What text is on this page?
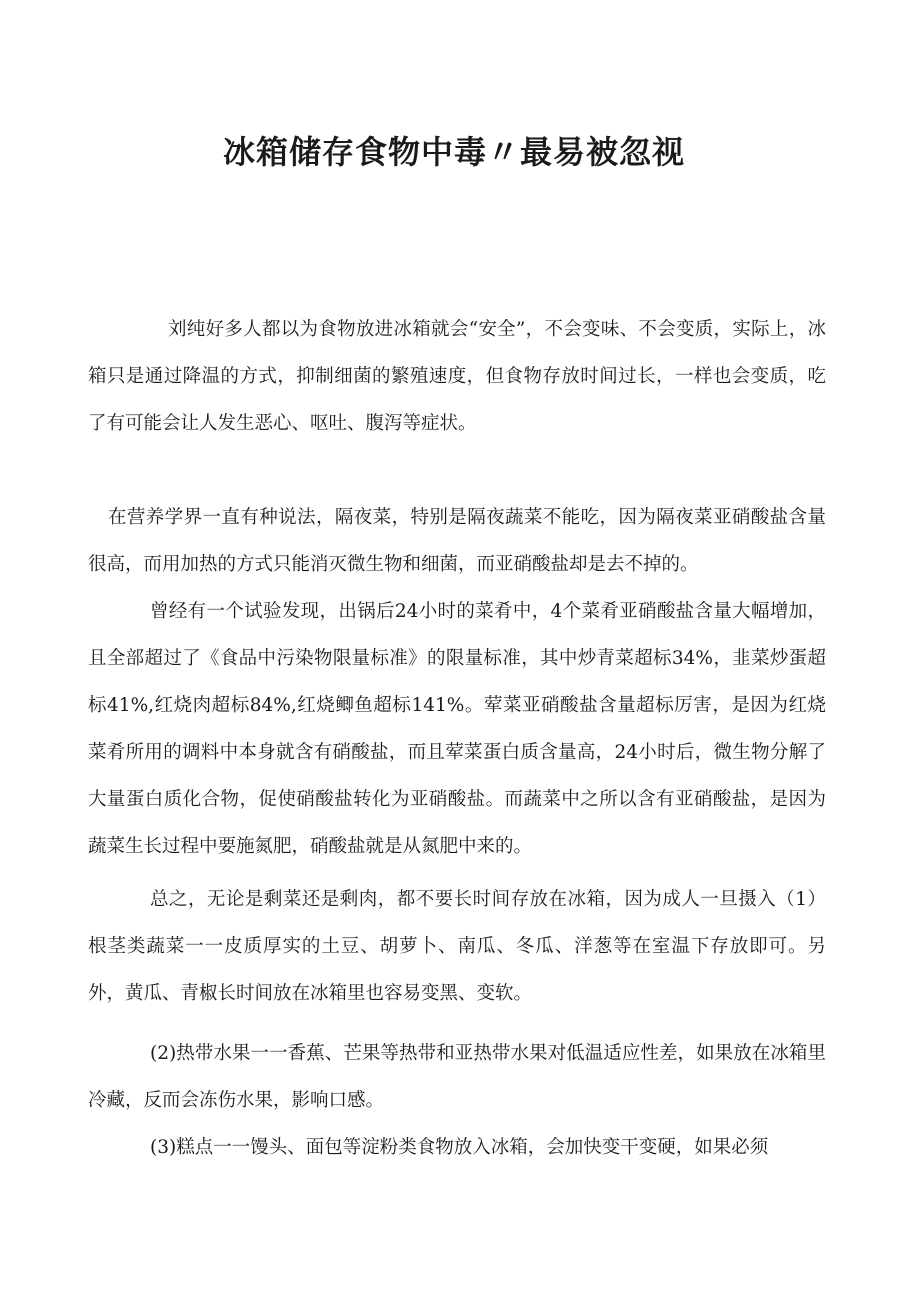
冰箱储存食物中毒〃最易被忽视

刘纯好多人都以为食物放进冰箱就会“安全”，不会变味、不会变质，实际上，冰箱只是通过降温的方式，抑制细菌的繁殖速度，但食物存放时间过长，一样也会变质，吃了有可能会让人发生恶心、呕吐、腹泻等症状。

在营养学界一直有种说法，隔夜菜，特别是隔夜蔬菜不能吃，因为隔夜菜亚硝酸盐含量很高，而用加热的方式只能消灭微生物和细菌，而亚硝酸盐却是去不掉的。

曾经有一个试验发现，出锅后24小时的菜肴中，4个菜肴亚硝酸盐含量大幅增加，且全部超过了《食品中污染物限量标准》的限量标准，其中炒青菜超标34%，韭菜炒蛋超标41%,红烧肉超标84%,红烧鲫鱼超标141%。荤菜亚硝酸盐含量超标厉害，是因为红烧菜肴所用的调料中本身就含有硝酸盐，而且荤菜蛋白质含量高，24小时后，微生物分解了大量蛋白质化合物，促使硝酸盐转化为亚硝酸盐。而蔬菜中之所以含有亚硝酸盐，是因为蔬菜生长过程中要施氮肥，硝酸盐就是从氮肥中来的。

总之，无论是剩菜还是剩肉，都不要长时间存放在冰箱，因为成人一旦摄入（1）根茎类蔬菜一一皮质厚实的土豆、胡萝卜、南瓜、冬瓜、洋葱等在室温下存放即可。另外，黄瓜、青椒长时间放在冰箱里也容易变黑、变软。

(2)热带水果一一香蕉、芒果等热带和亚热带水果对低温适应性差，如果放在冰箱里冷藏，反而会冻伤水果，影响口感。

(3)糕点一一馒头、面包等淀粉类食物放入冰箱，会加快变干变硬，如果必须
